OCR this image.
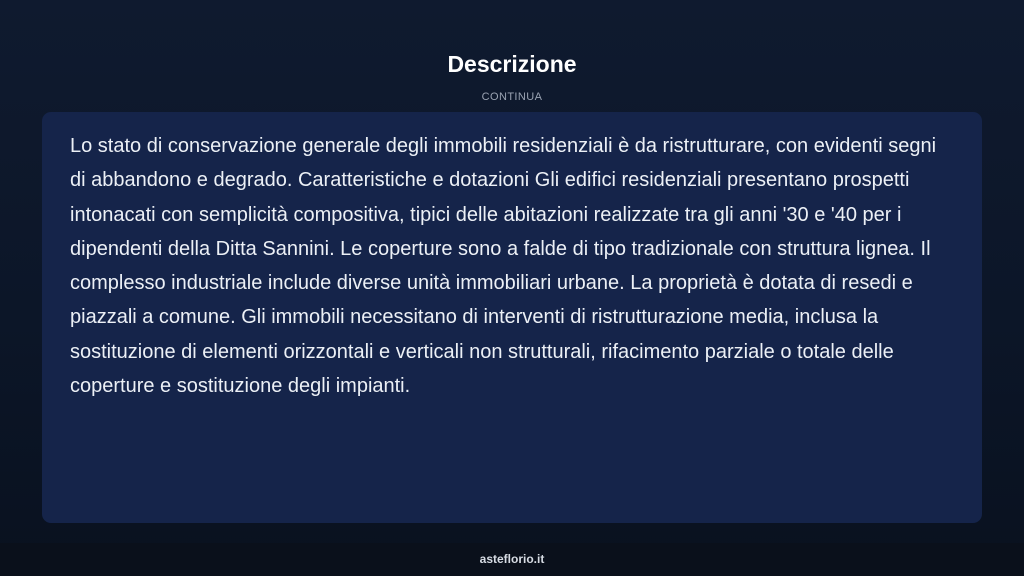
Descrizione
CONTINUA

Lo stato di conservazione generale degli immobili residenziali è da ristrutturare, con evidenti segni di abbandono e degrado. Caratteristiche e dotazioni Gli edifici residenziali presentano prospetti intonacati con semplicità compositiva, tipici delle abitazioni realizzate tra gli anni '30 e '40 per i dipendenti della Ditta Sannini. Le coperture sono a falde di tipo tradizionale con struttura lignea. Il complesso industriale include diverse unità immobiliari urbane. La proprietà è dotata di resedi e piazzali a comune. Gli immobili necessitano di interventi di ristrutturazione media, inclusa la sostituzione di elementi orizzontali e verticali non strutturali, rifacimento parziale o totale delle coperture e sostituzione degli impianti.

asteflorio.it
